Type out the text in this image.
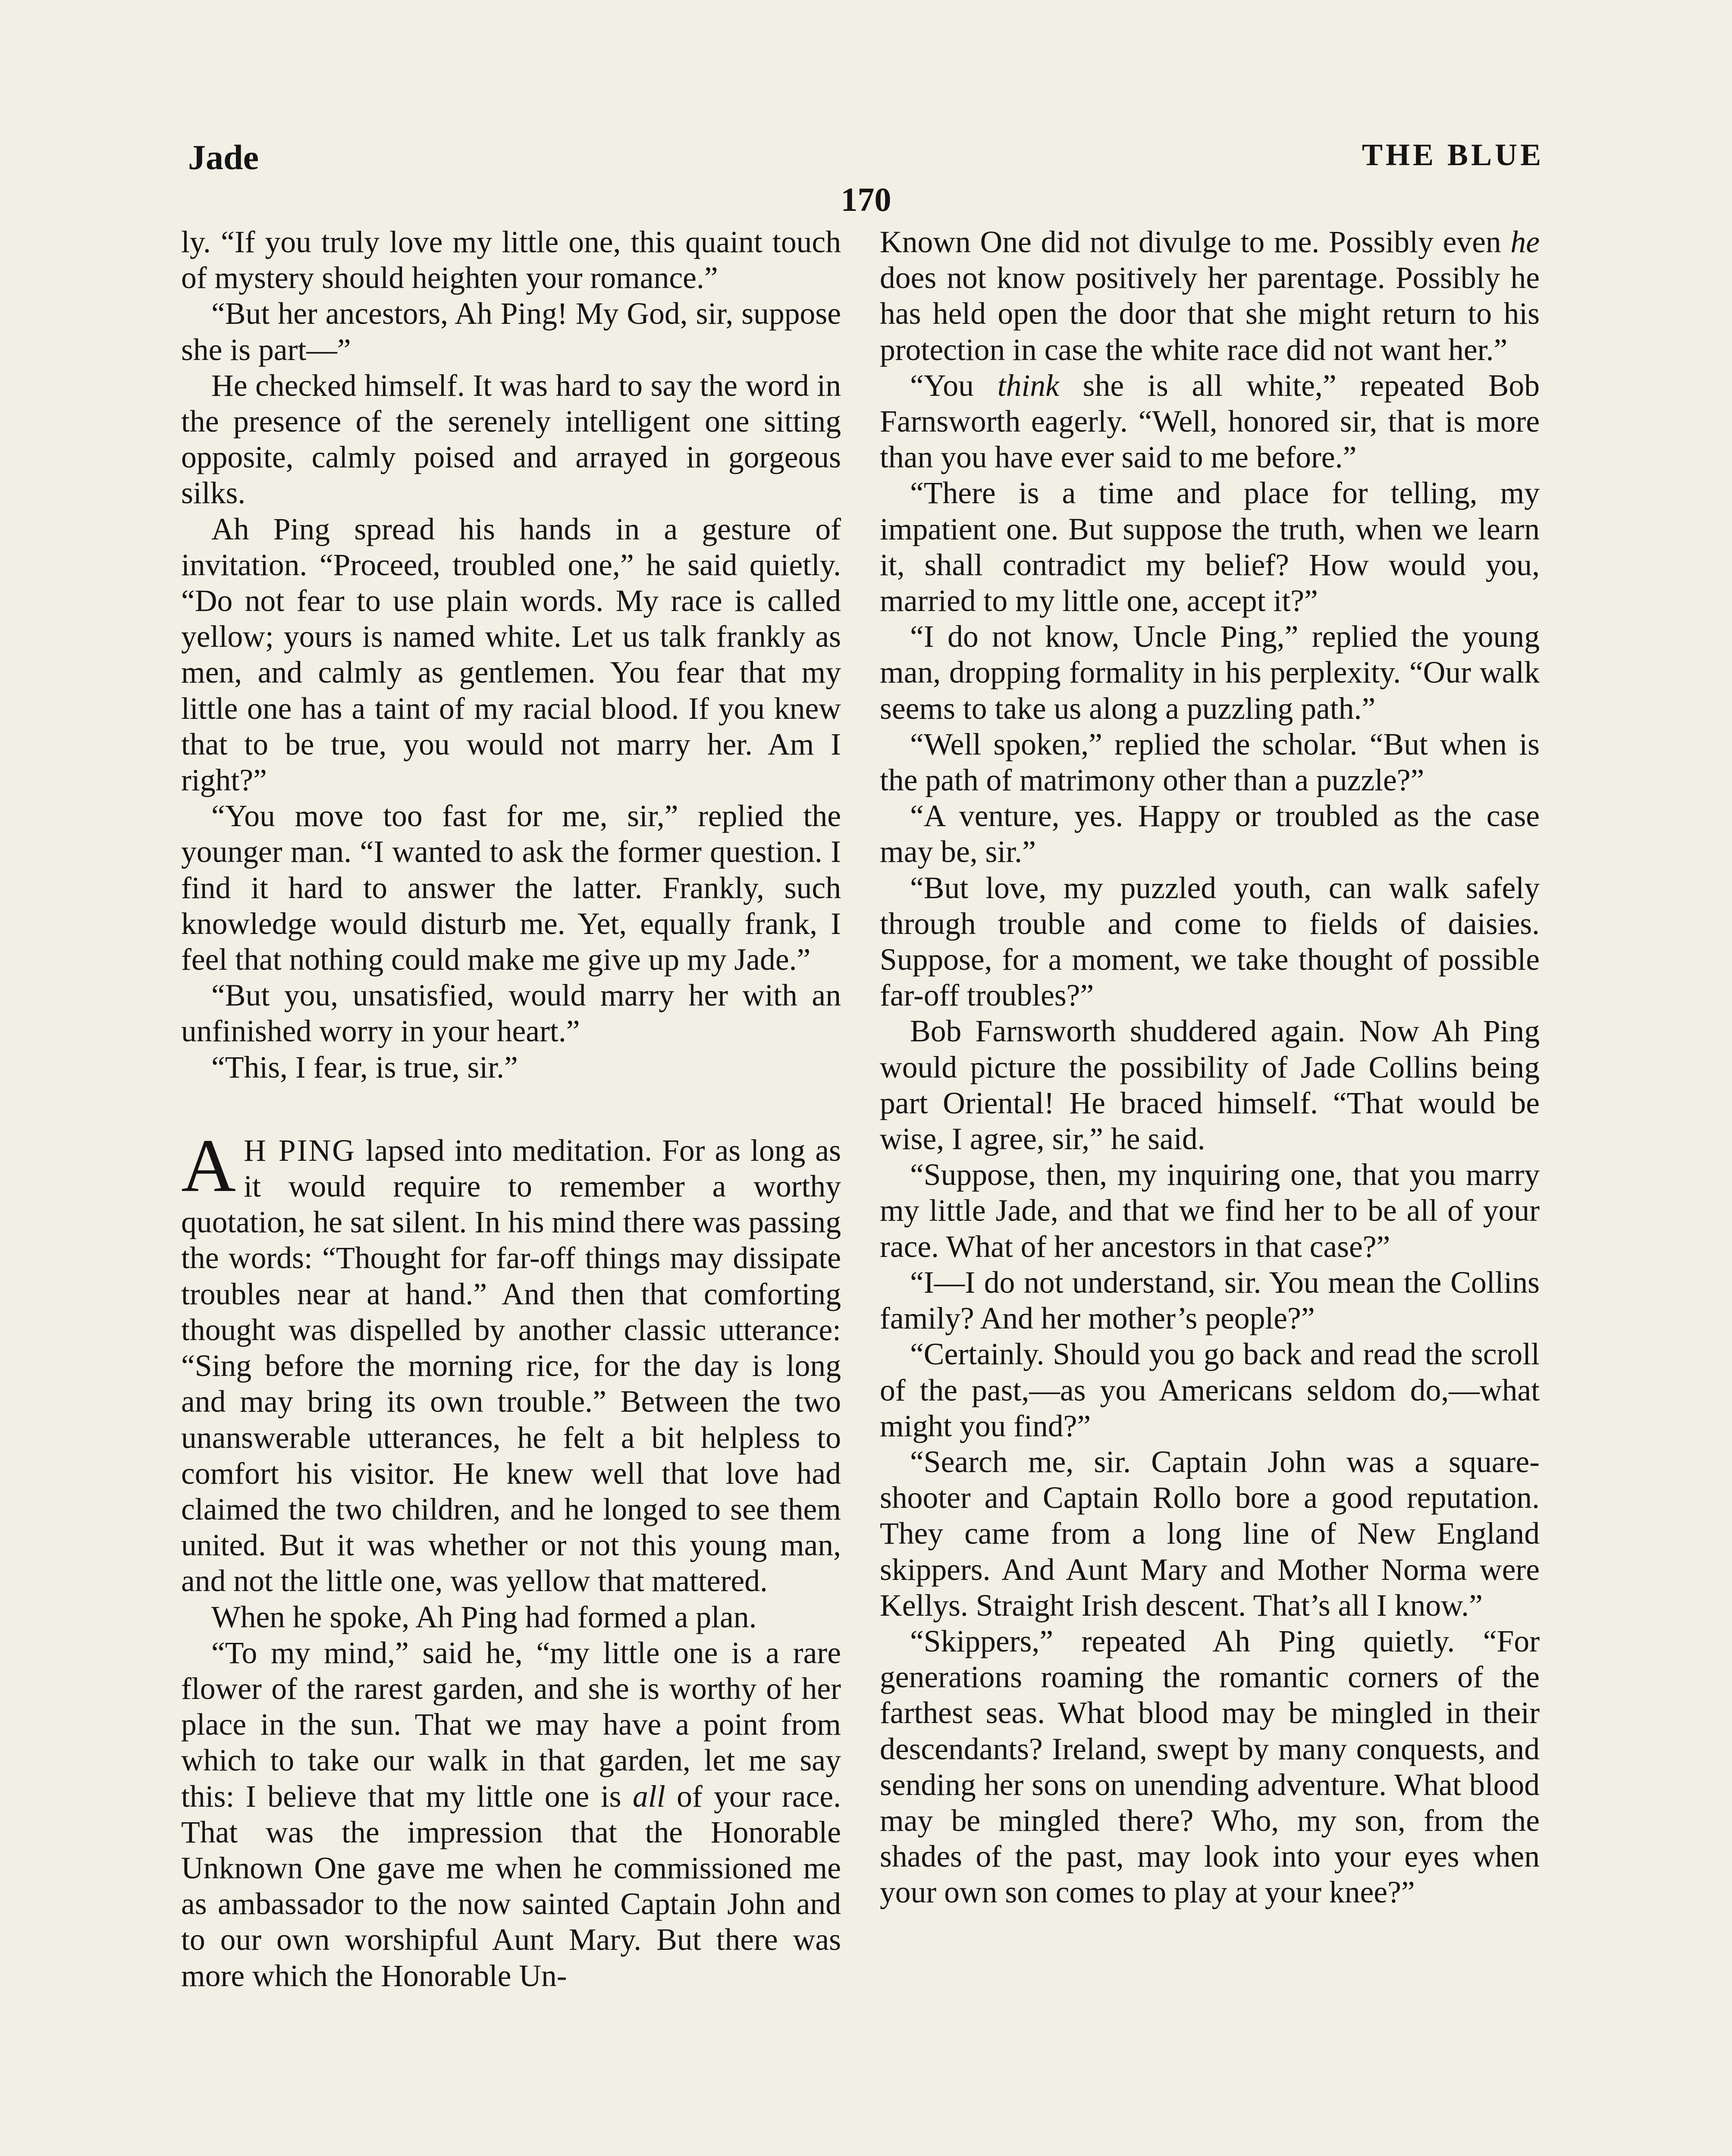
Jade	THE BLUE
170

ly. “If you truly love my little one, this quaint touch of mystery should heighten your romance.”

“But her ancestors, Ah Ping! My God, sir, suppose she is part—”

He checked himself. It was hard to say the word in the presence of the serenely intelligent one sitting opposite, calmly poised and arrayed in gorgeous silks.

Ah Ping spread his hands in a gesture of invitation. “Proceed, troubled one,” he said quietly. “Do not fear to use plain words. My race is called yellow; yours is named white. Let us talk frankly as men, and calmly as gentlemen. You fear that my little one has a taint of my racial blood. If you knew that to be true, you would not marry her. Am I right?”

“You move too fast for me, sir,” replied the younger man. “I wanted to ask the former question. I find it hard to answer the latter. Frankly, such knowledge would disturb me. Yet, equally frank, I feel that nothing could make me give up my Jade.”

“But you, unsatisfied, would marry her with an unfinished worry in your heart.”

“This, I fear, is true, sir.”

A H PING lapsed into meditation. For as long as it would require to remember a worthy quotation, he sat silent. In his mind there was passing the words: “Thought for far-off things may dissipate troubles near at hand.” And then that comforting thought was dispelled by another classic utterance: “Sing before the morning rice, for the day is long and may bring its own trouble.” Between the two unanswerable utterances, he felt a bit helpless to comfort his visitor. He knew well that love had claimed the two children, and he longed to see them united. But it was whether or not this young man, and not the little one, was yellow that mattered.

When he spoke, Ah Ping had formed a plan.

“To my mind,” said he, “my little one is a rare flower of the rarest garden, and she is worthy of her place in the sun. That we may have a point from which to take our walk in that garden, let me say this: I believe that my little one is all of your race. That was the impression that the Honorable Unknown One gave me when he commissioned me as ambassador to the now sainted Captain John and to our own worshipful Aunt Mary. But there was more which the Honorable Un-

Known One did not divulge to me. Possibly even he does not know positively her parentage. Possibly he has held open the door that she might return to his protection in case the white race did not want her.”

“You think she is all white,” repeated Bob Farnsworth eagerly. “Well, honored sir, that is more than you have ever said to me before.”

“There is a time and place for telling, my impatient one. But suppose the truth, when we learn it, shall contradict my belief? How would you, married to my little one, accept it?”

“I do not know, Uncle Ping,” replied the young man, dropping formality in his perplexity. “Our walk seems to take us along a puzzling path.”

“Well spoken,” replied the scholar. “But when is the path of matrimony other than a puzzle?”

“A venture, yes. Happy or troubled as the case may be, sir.”

“But love, my puzzled youth, can walk safely through trouble and come to fields of daisies. Suppose, for a moment, we take thought of possible far-off troubles?”

Bob Farnsworth shuddered again. Now Ah Ping would picture the possibility of Jade Collins being part Oriental! He braced himself. “That would be wise, I agree, sir,” he said.

“Suppose, then, my inquiring one, that you marry my little Jade, and that we find her to be all of your race. What of her ancestors in that case?”

“I—I do not understand, sir. You mean the Collins family? And her mother’s people?”

“Certainly. Should you go back and read the scroll of the past,—as you Americans seldom do,—what might you find?”

“Search me, sir. Captain John was a square-shooter and Captain Rollo bore a good reputation. They came from a long line of New England skippers. And Aunt Mary and Mother Norma were Kellys. Straight Irish descent. That’s all I know.”

“Skippers,” repeated Ah Ping quietly. “For generations roaming the romantic corners of the farthest seas. What blood may be mingled in their descendants? Ireland, swept by many conquests, and sending her sons on unending adventure. What blood may be mingled there? Who, my son, from the shades of the past, may look into your eyes when your own son comes to play at your knee?”
